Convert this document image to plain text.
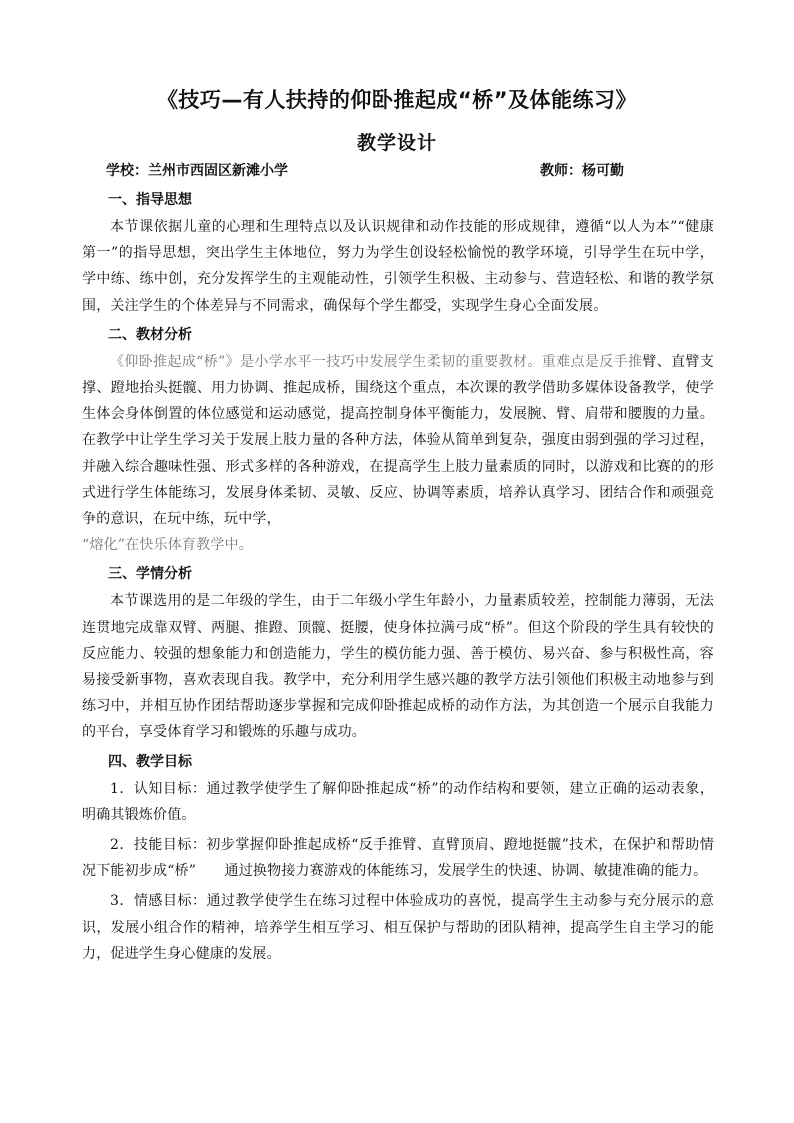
《技巧—有人扶持的仰卧推起成“桥”及体能练习》
教学设计
学校：兰州市西固区新滩小学	教师：杨可勤
一、指导思想

本节课依据儿童的心理和生理特点以及认识规律和动作技能的形成规律，遵循“以人为本”“健康第一”的指导思想，突出学生主体地位，努力为学生创设轻松愉悦的教学环境，引导学生在玩中学，学中练、练中创，充分发挥学生的主观能动性，引领学生积极、主动参与、营造轻松、和谐的教学氛围，关注学生的个体差异与不同需求，确保每个学生都受，实现学生身心全面发展。

二、教材分析

《仰卧推起成“桥”》是小学水平一技巧中发展学生柔韧的重要教材。重难点是反手推臂、直臂支撑、蹬地抬头挺髋、用力协调、推起成桥，围绕这个重点，本次课的教学借助多媒体设备教学，使学生体会身体倒置的体位感觉和运动感觉，提高控制身体平衡能力，发展腕、臂、肩带和腰腹的力量。在教学中让学生学习关于发展上肢力量的各种方法，体验从简单到复杂，强度由弱到强的学习过程，并融入综合趣味性强、形式多样的各种游戏，在提高学生上肢力量素质的同时，以游戏和比赛的的形式进行学生体能练习，发展身体柔韧、灵敏、反应、协调等素质，培养认真学习、团结合作和顽强竞争的意识，在玩中练，玩中学，
“熔化”在快乐体育教学中。

三、学情分析

本节课选用的是二年级的学生，由于二年级小学生年龄小，力量素质较差，控制能力薄弱，无法连贯地完成靠双臂、两腿、推蹬、顶髋、挺腰，使身体拉满弓成“桥”。但这个阶段的学生具有较快的反应能力、较强的想象能力和创造能力，学生的模仿能力强、善于模仿、易兴奋、参与积极性高，容易接受新事物，喜欢表现自我。教学中，充分利用学生感兴趣的教学方法引领他们积极主动地参与到练习中，并相互协作团结帮助逐步掌握和完成仰卧推起成桥的动作方法，为其创造一个展示自我能力的平台，享受体育学习和锻炼的乐趣与成功。

四、教学目标

1．认知目标：通过教学使学生了解仰卧推起成“桥”的动作结构和要领，建立正确的运动表象，明确其锻炼价值。

2．技能目标：初步掌握仰卧推起成桥“反手推臂、直臂顶肩、蹬地挺髋”技术，在保护和帮助情况下能初步成“桥”　　通过换物接力赛游戏的体能练习，发展学生的快速、协调、敏捷准确的能力。

3．情感目标：通过教学使学生在练习过程中体验成功的喜悦，提高学生主动参与充分展示的意识，发展小组合作的精神，培养学生相互学习、相互保护与帮助的团队精神，提高学生自主学习的能力，促进学生身心健康的发展。
